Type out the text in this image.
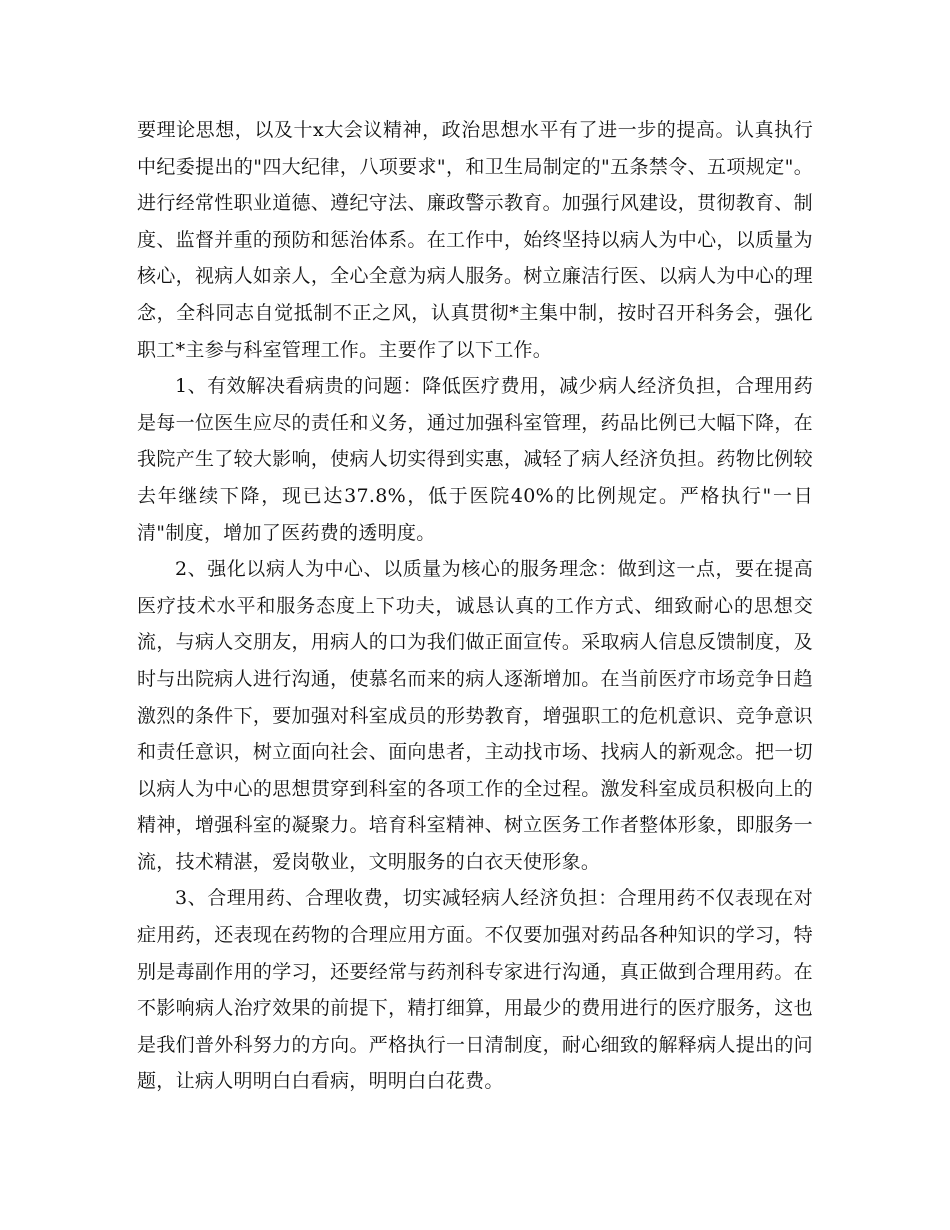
要理论思想，以及十x大会议精神，政治思想水平有了进一步的提高。认真执行中纪委提出的"四大纪律，八项要求"，和卫生局制定的"五条禁令、五项规定"。进行经常性职业道德、遵纪守法、廉政警示教育。加强行风建设，贯彻教育、制度、监督并重的预防和惩治体系。在工作中，始终坚持以病人为中心，以质量为核心，视病人如亲人，全心全意为病人服务。树立廉洁行医、以病人为中心的理念，全科同志自觉抵制不正之风，认真贯彻*主集中制，按时召开科务会，强化职工*主参与科室管理工作。主要作了以下工作。

1、有效解决看病贵的问题：降低医疗费用，减少病人经济负担，合理用药是每一位医生应尽的责任和义务，通过加强科室管理，药品比例已大幅下降，在我院产生了较大影响，使病人切实得到实惠，减轻了病人经济负担。药物比例较去年继续下降，现已达37.8%，低于医院40%的比例规定。严格执行"一日清"制度，增加了医药费的透明度。

2、强化以病人为中心、以质量为核心的服务理念：做到这一点，要在提高医疗技术水平和服务态度上下功夫，诚恳认真的工作方式、细致耐心的思想交流，与病人交朋友，用病人的口为我们做正面宣传。采取病人信息反馈制度，及时与出院病人进行沟通，使慕名而来的病人逐渐增加。在当前医疗市场竞争日趋激烈的条件下，要加强对科室成员的形势教育，增强职工的危机意识、竞争意识和责任意识，树立面向社会、面向患者，主动找市场、找病人的新观念。把一切以病人为中心的思想贯穿到科室的各项工作的全过程。激发科室成员积极向上的精神，增强科室的凝聚力。培育科室精神、树立医务工作者整体形象，即服务一流，技术精湛，爱岗敬业，文明服务的白衣天使形象。

3、合理用药、合理收费，切实减轻病人经济负担：合理用药不仅表现在对症用药，还表现在药物的合理应用方面。不仅要加强对药品各种知识的学习，特别是毒副作用的学习，还要经常与药剂科专家进行沟通，真正做到合理用药。在不影响病人治疗效果的前提下，精打细算，用最少的费用进行的医疗服务，这也是我们普外科努力的方向。严格执行一日清制度，耐心细致的解释病人提出的问题，让病人明明白白看病，明明白白花费。
